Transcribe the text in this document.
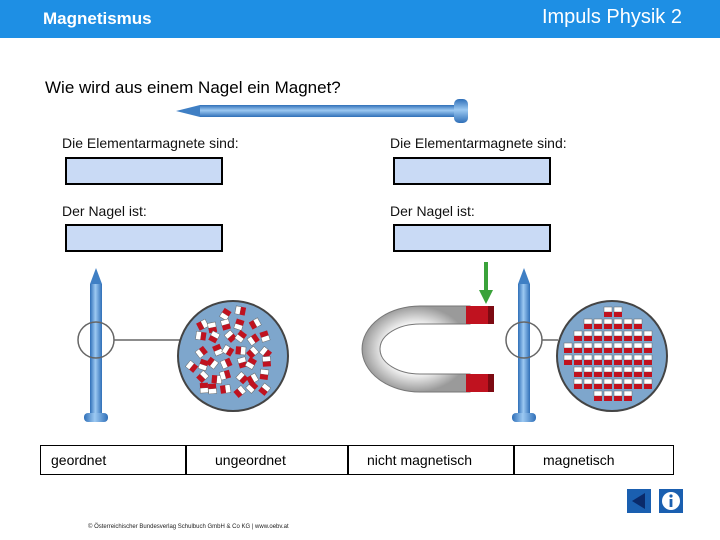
Magnetismus	Impuls Physik 2
Wie wird aus einem Nagel ein Magnet?
Die Elementarmagnete sind:
Der Nagel ist:
Die Elementarmagnete sind:
Der Nagel ist:
geordnet	ungeordnet	nicht magnetisch	magnetisch
© Österreichischer Bundesverlag Schulbuch GmbH & Co KG | www.oebv.at
